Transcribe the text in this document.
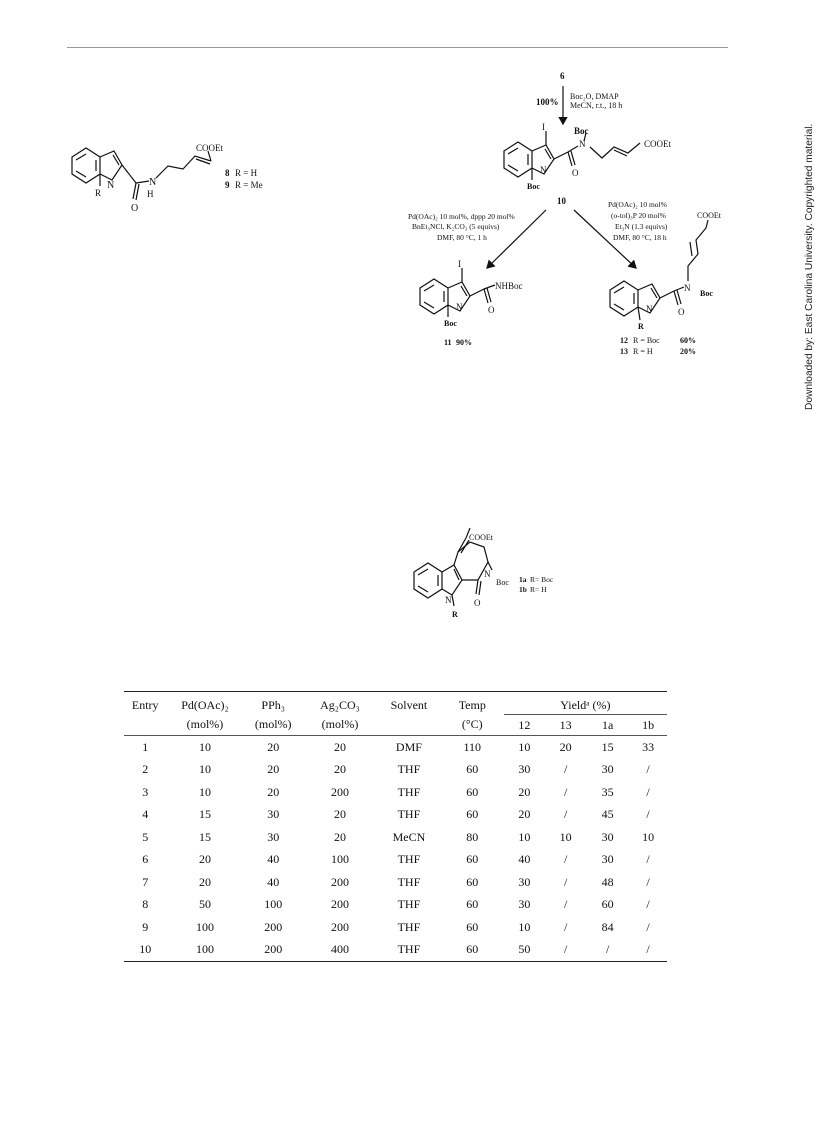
Downloaded by: East Carolina University. Copyrighted material.
N
R
O
N
H
COOEt
8 R = H
9 R = Me
6
100%
Boc₂O, DMAP
MeCN, r.t., 18 h
I	Boc
N
O
N
Boc
COOEt
10
Pd(OAc)₂ 10 mol%, dppp 20 mol%
BnEt₃NCl, K₂CO₃ (5 equivs)
DMF, 80 °C, 1 h
Pd(OAc)₂ 10 mol%
(o-tol)₃P 20 mol%
Et₃N (1.3 equivs)
DMF, 80 °C, 18 h
I
NHBoc
O
N
Boc
11 90%
COOEt
N
Boc
O
N
R
12 R = Boc	60%
13 R = H	20%
COOEt
N
Boc
O
N
R
1a R= Boc
1b R= H
Entry	Pd(OAc)₂	PPh₃	Ag₂CO₃	Solvent	Temp	Yieldᵃ (%)			
	(mol%)	(mol%)	(mol%)		(°C)	12	13	1a	1b
1	10	20	20	DMF	110	10	20	15	33
2	10	20	20	THF	60	30	/	30	/
3	10	20	200	THF	60	20	/	35	/
4	15	30	20	THF	60	20	/	45	/
5	15	30	20	MeCN	80	10	10	30	10
6	20	40	100	THF	60	40	/	30	/
7	20	40	200	THF	60	30	/	48	/
8	50	100	200	THF	60	30	/	60	/
9	100	200	200	THF	60	10	/	84	/
10	100	200	400	THF	60	50	/	/	/
